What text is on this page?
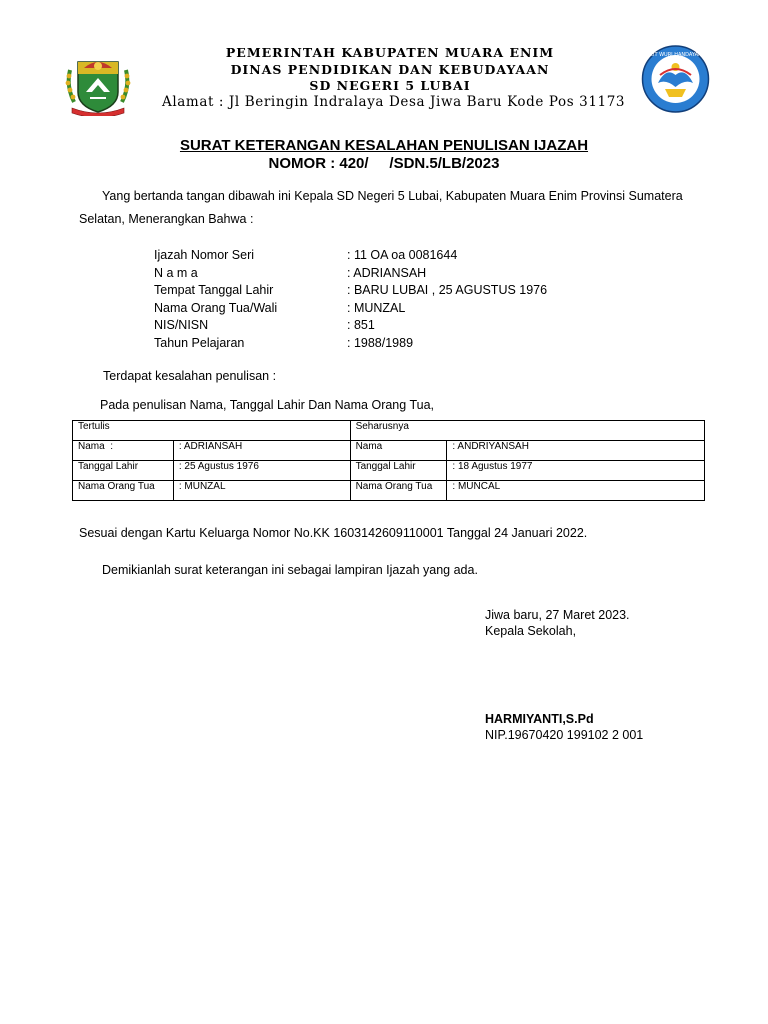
TUT WURI HANDAYANI
PEMERINTAH KABUPATEN MUARA ENIM
DINAS PENDIDIKAN DAN KEBUDAYAAN
SD NEGERI 5 LUBAI
Alamat : Jl Beringin Indralaya Desa Jiwa Baru Kode Pos 31173
SURAT KETERANGAN KESALAHAN PENULISAN IJAZAH
NOMOR : 420/     /SDN.5/LB/2023
Yang bertanda tangan dibawah ini Kepala SD Negeri 5 Lubai, Kabupaten Muara Enim Provinsi Sumatera
Selatan, Menerangkan Bahwa :
Ijazah Nomor Seri	: 11 OA oa 0081644
N a m a	: ADRIANSAH
Tempat Tanggal Lahir	: BARU LUBAI , 25 AGUSTUS 1976
Nama Orang Tua/Wali	: MUNZAL
NIS/NISN	: 851
Tahun Pelajaran	: 1988/1989
Terdapat kesalahan penulisan :
Pada penulisan Nama, Tanggal Lahir Dan Nama Orang Tua,
Tertulis		Seharusnya	
Nama  :	: ADRIANSAH	Nama	: ANDRIYANSAH
Tanggal Lahir	: 25 Agustus 1976	Tanggal Lahir	: 18 Agustus 1977
Nama Orang Tua	: MUNZAL	Nama Orang Tua	: MUNCAL
Sesuai dengan Kartu Keluarga Nomor No.KK 1603142609110001 Tanggal 24 Januari 2022.
Demikianlah surat keterangan ini sebagai lampiran Ijazah yang ada.
Jiwa baru, 27 Maret 2023.
Kepala Sekolah,
HARMIYANTI,S.Pd
NIP.19670420 199102 2 001
